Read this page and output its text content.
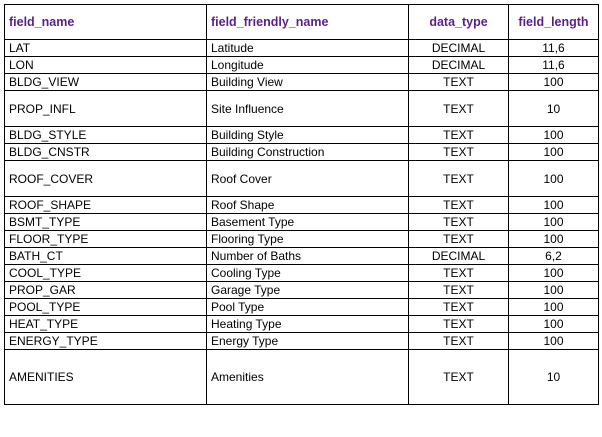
field_name	field_friendly_name	data_type	field_length
LAT	Latitude	DECIMAL	11,6
LON	Longitude	DECIMAL	11,6
BLDG_VIEW	Building View	TEXT	100
PROP_INFL	Site Influence	TEXT	10
BLDG_STYLE	Building Style	TEXT	100
BLDG_CNSTR	Building Construction	TEXT	100
ROOF_COVER	Roof Cover	TEXT	100
ROOF_SHAPE	Roof Shape	TEXT	100
BSMT_TYPE	Basement Type	TEXT	100
FLOOR_TYPE	Flooring Type	TEXT	100
BATH_CT	Number of Baths	DECIMAL	6,2
COOL_TYPE	Cooling Type	TEXT	100
PROP_GAR	Garage Type	TEXT	100
POOL_TYPE	Pool Type	TEXT	100
HEAT_TYPE	Heating Type	TEXT	100
ENERGY_TYPE	Energy Type	TEXT	100
AMENITIES	Amenities	TEXT	10
